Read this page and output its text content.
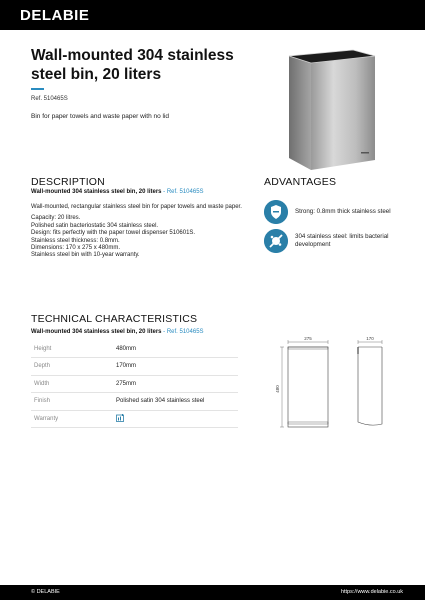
DELABIE
Wall-mounted 304 stainless steel bin, 20 liters
Ref. 510465S
Bin for paper towels and waste paper with no lid
DESCRIPTION
Wall-mounted 304 stainless steel bin, 20 liters - Ref. 510465S

Wall-mounted, rectangular stainless steel bin for paper towels and waste paper.

Capacity: 20 litres.

Polished satin bacteriostatic 304 stainless steel.

Design: fits perfectly with the paper towel dispenser 510601S.

Stainless steel thickness: 0.8mm.

Dimensions: 170 x 275 x 480mm.

Stainless steel bin with 10-year warranty.

ADVANTAGES
Strong: 0.8mm thick stainless steel
304 stainless steel: limits bacterial development
TECHNICAL CHARACTERISTICS
Wall-mounted 304 stainless steel bin, 20 liters - Ref. 510465S
Height	480mm
Depth	170mm
Width	275mm
Finish	Polished satin 304 stainless steel
Warranty	
275
480
170
© DELABIE	https://www.delabie.co.uk
